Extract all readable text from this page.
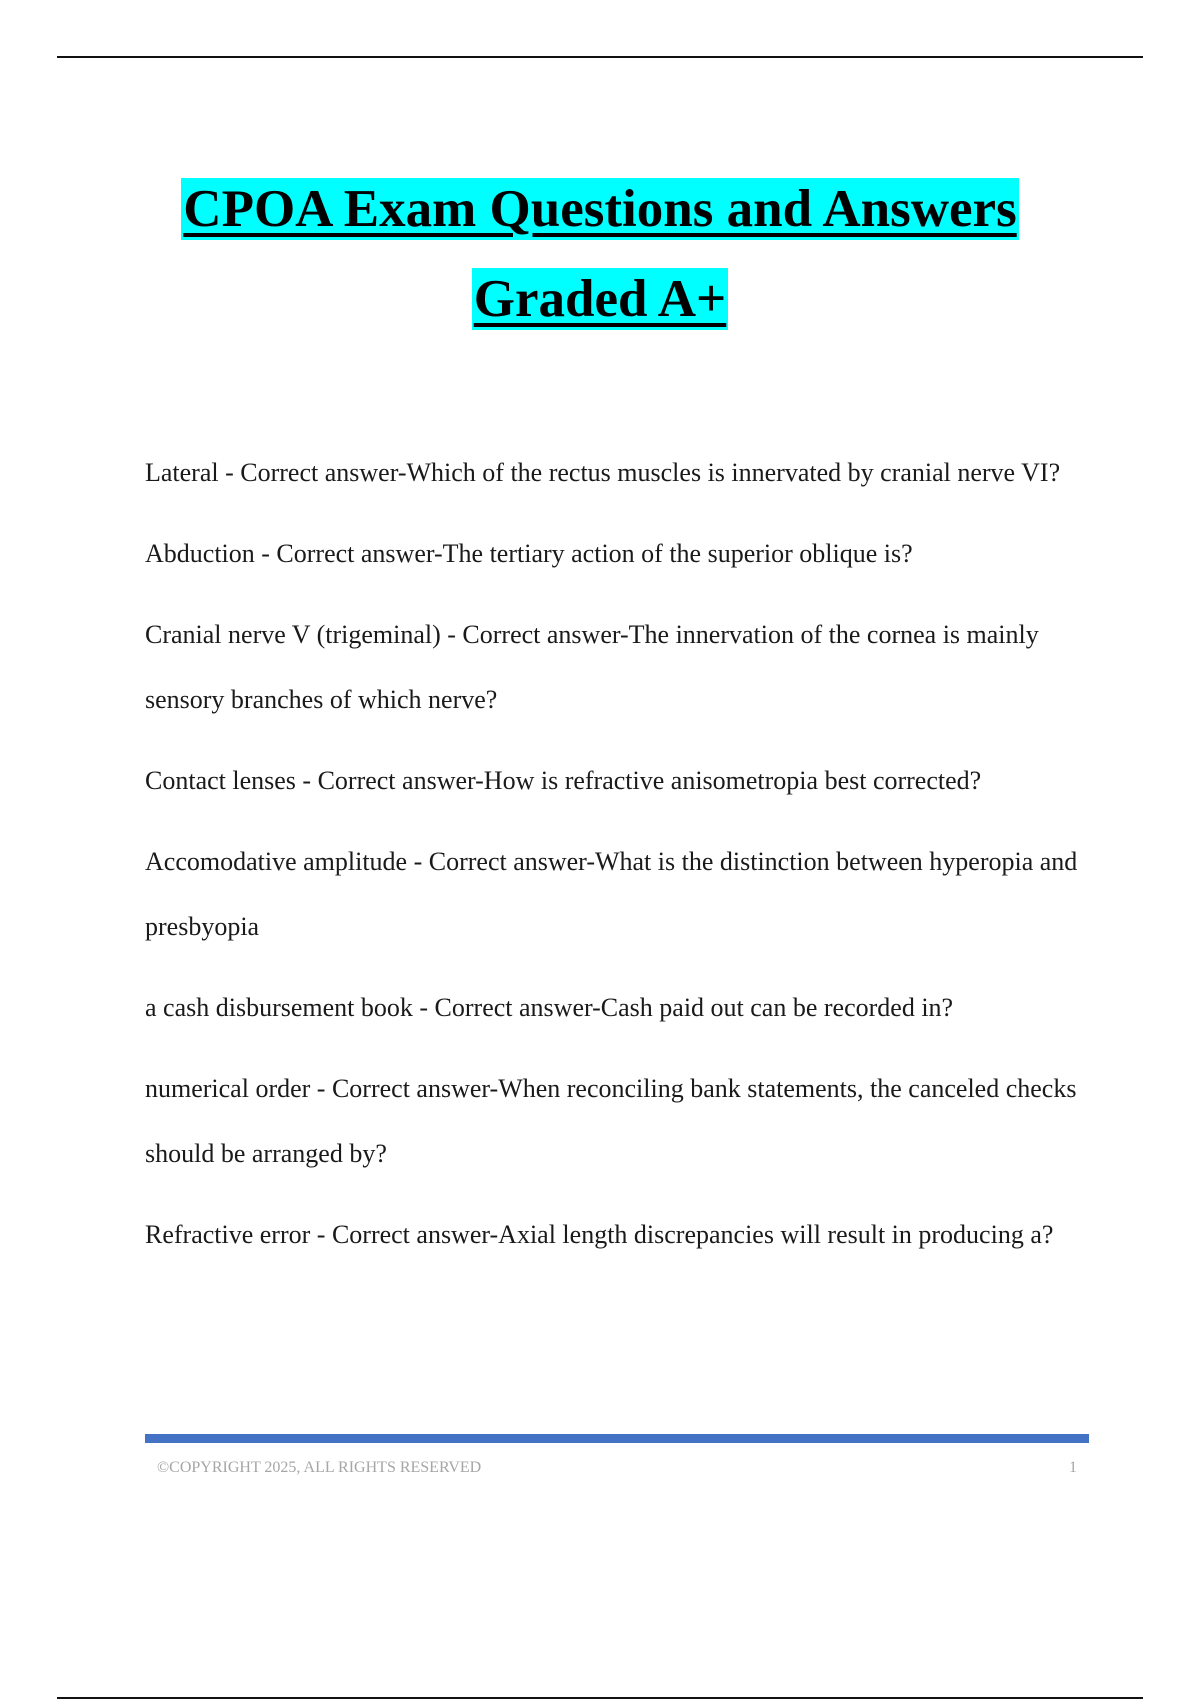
CPOA Exam Questions and Answers
Graded A+

Lateral - Correct answer-Which of the rectus muscles is innervated by cranial nerve VI?

Abduction - Correct answer-The tertiary action of the superior oblique is?

Cranial nerve V (trigeminal) - Correct answer-The innervation of the cornea is mainly sensory branches of which nerve?

Contact lenses - Correct answer-How is refractive anisometropia best corrected?

Accomodative amplitude - Correct answer-What is the distinction between hyperopia and presbyopia

a cash disbursement book - Correct answer-Cash paid out can be recorded in?

numerical order - Correct answer-When reconciling bank statements, the canceled checks should be arranged by?

Refractive error - Correct answer-Axial length discrepancies will result in producing a?

©COPYRIGHT 2025, ALL RIGHTS RESERVED	1
